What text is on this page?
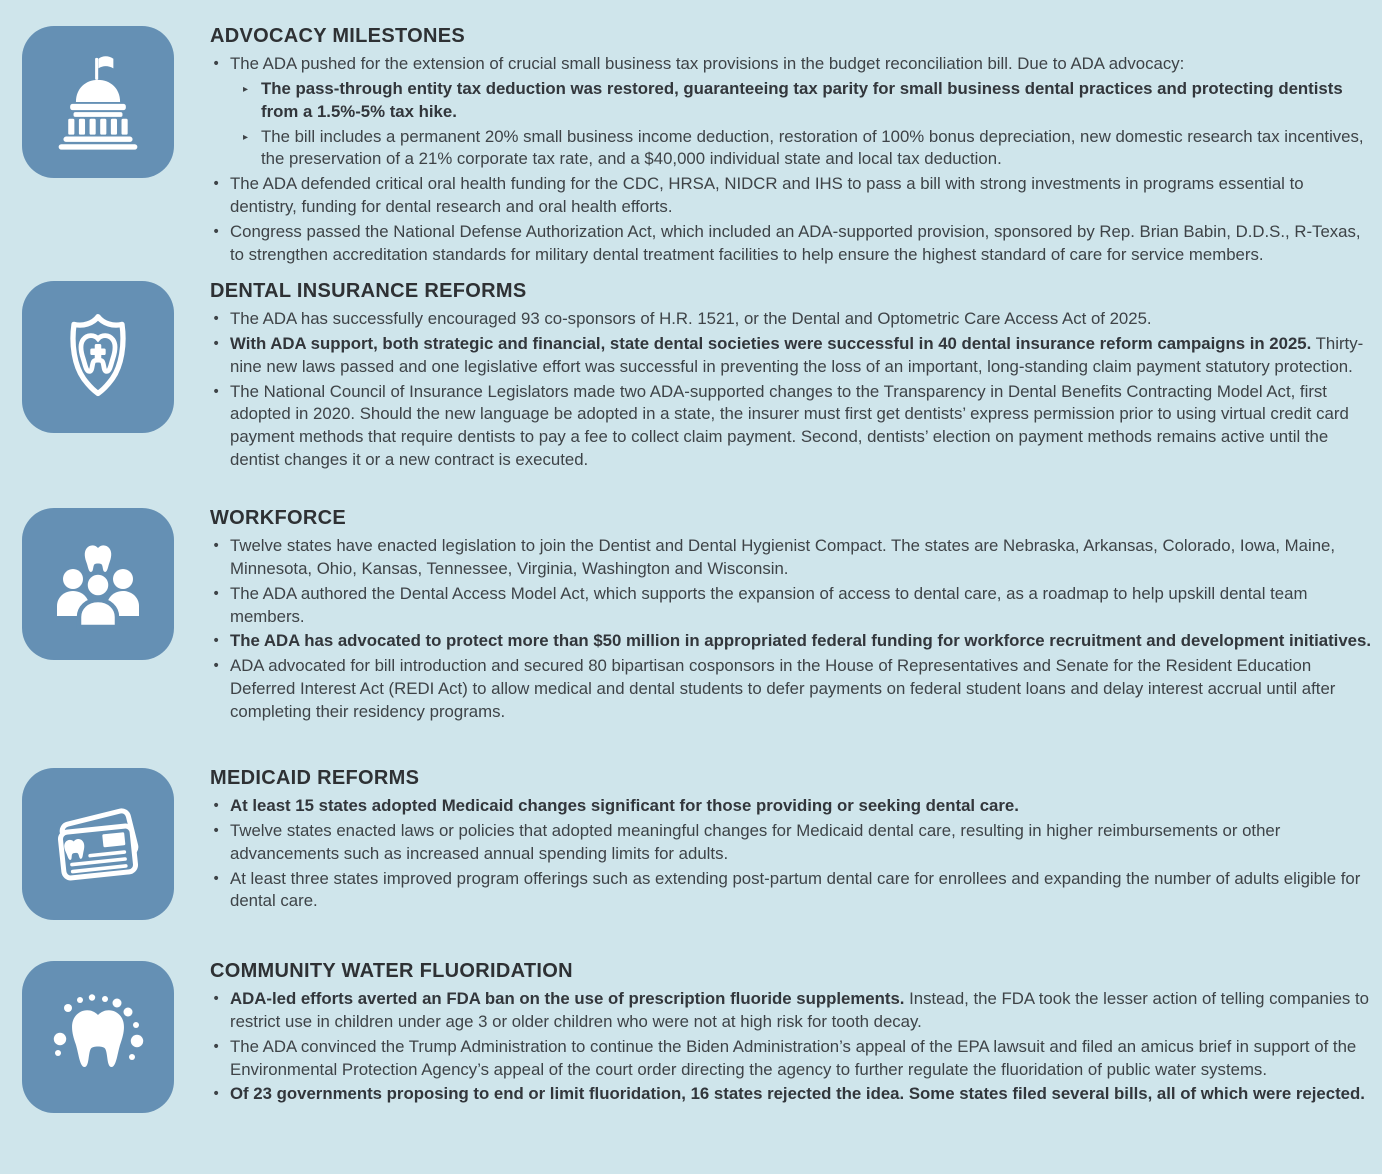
ADVOCACY MILESTONES
• The ADA pushed for the extension of crucial small business tax provisions in the budget reconciliation bill. Due to ADA advocacy:
▸ The pass-through entity tax deduction was restored, guaranteeing tax parity for small business dental practices and protecting dentists from a 1.5%-5% tax hike.
▸ The bill includes a permanent 20% small business income deduction, restoration of 100% bonus depreciation, new domestic research tax incentives, the preservation of a 21% corporate tax rate, and a $40,000 individual state and local tax deduction.
• The ADA defended critical oral health funding for the CDC, HRSA, NIDCR and IHS to pass a bill with strong investments in programs essential to dentistry, funding for dental research and oral health efforts.
• Congress passed the National Defense Authorization Act, which included an ADA-supported provision, sponsored by Rep. Brian Babin, D.D.S., R-Texas, to strengthen accreditation standards for military dental treatment facilities to help ensure the highest standard of care for service members.
DENTAL INSURANCE REFORMS
• The ADA has successfully encouraged 93 co-sponsors of H.R. 1521, or the Dental and Optometric Care Access Act of 2025.
• With ADA support, both strategic and financial, state dental societies were successful in 40 dental insurance reform campaigns in 2025. Thirty-nine new laws passed and one legislative effort was successful in preventing the loss of an important, long-standing claim payment statutory protection.
• The National Council of Insurance Legislators made two ADA-supported changes to the Transparency in Dental Benefits Contracting Model Act, first adopted in 2020. Should the new language be adopted in a state, the insurer must first get dentists’ express permission prior to using virtual credit card payment methods that require dentists to pay a fee to collect claim payment. Second, dentists’ election on payment methods remains active until the dentist changes it or a new contract is executed.
WORKFORCE
• Twelve states have enacted legislation to join the Dentist and Dental Hygienist Compact. The states are Nebraska, Arkansas, Colorado, Iowa, Maine, Minnesota, Ohio, Kansas, Tennessee, Virginia, Washington and Wisconsin.
• The ADA authored the Dental Access Model Act, which supports the expansion of access to dental care, as a roadmap to help upskill dental team members.
• The ADA has advocated to protect more than $50 million in appropriated federal funding for workforce recruitment and development initiatives.
• ADA advocated for bill introduction and secured 80 bipartisan cosponsors in the House of Representatives and Senate for the Resident Education Deferred Interest Act (REDI Act) to allow medical and dental students to defer payments on federal student loans and delay interest accrual until after completing their residency programs.
MEDICAID REFORMS
• At least 15 states adopted Medicaid changes significant for those providing or seeking dental care.
• Twelve states enacted laws or policies that adopted meaningful changes for Medicaid dental care, resulting in higher reimbursements or other advancements such as increased annual spending limits for adults.
• At least three states improved program offerings such as extending post-partum dental care for enrollees and expanding the number of adults eligible for dental care.
COMMUNITY WATER FLUORIDATION
• ADA-led efforts averted an FDA ban on the use of prescription fluoride supplements. Instead, the FDA took the lesser action of telling companies to restrict use in children under age 3 or older children who were not at high risk for tooth decay.
• The ADA convinced the Trump Administration to continue the Biden Administration’s appeal of the EPA lawsuit and filed an amicus brief in support of the Environmental Protection Agency’s appeal of the court order directing the agency to further regulate the fluoridation of public water systems.
• Of 23 governments proposing to end or limit fluoridation, 16 states rejected the idea. Some states filed several bills, all of which were rejected.
